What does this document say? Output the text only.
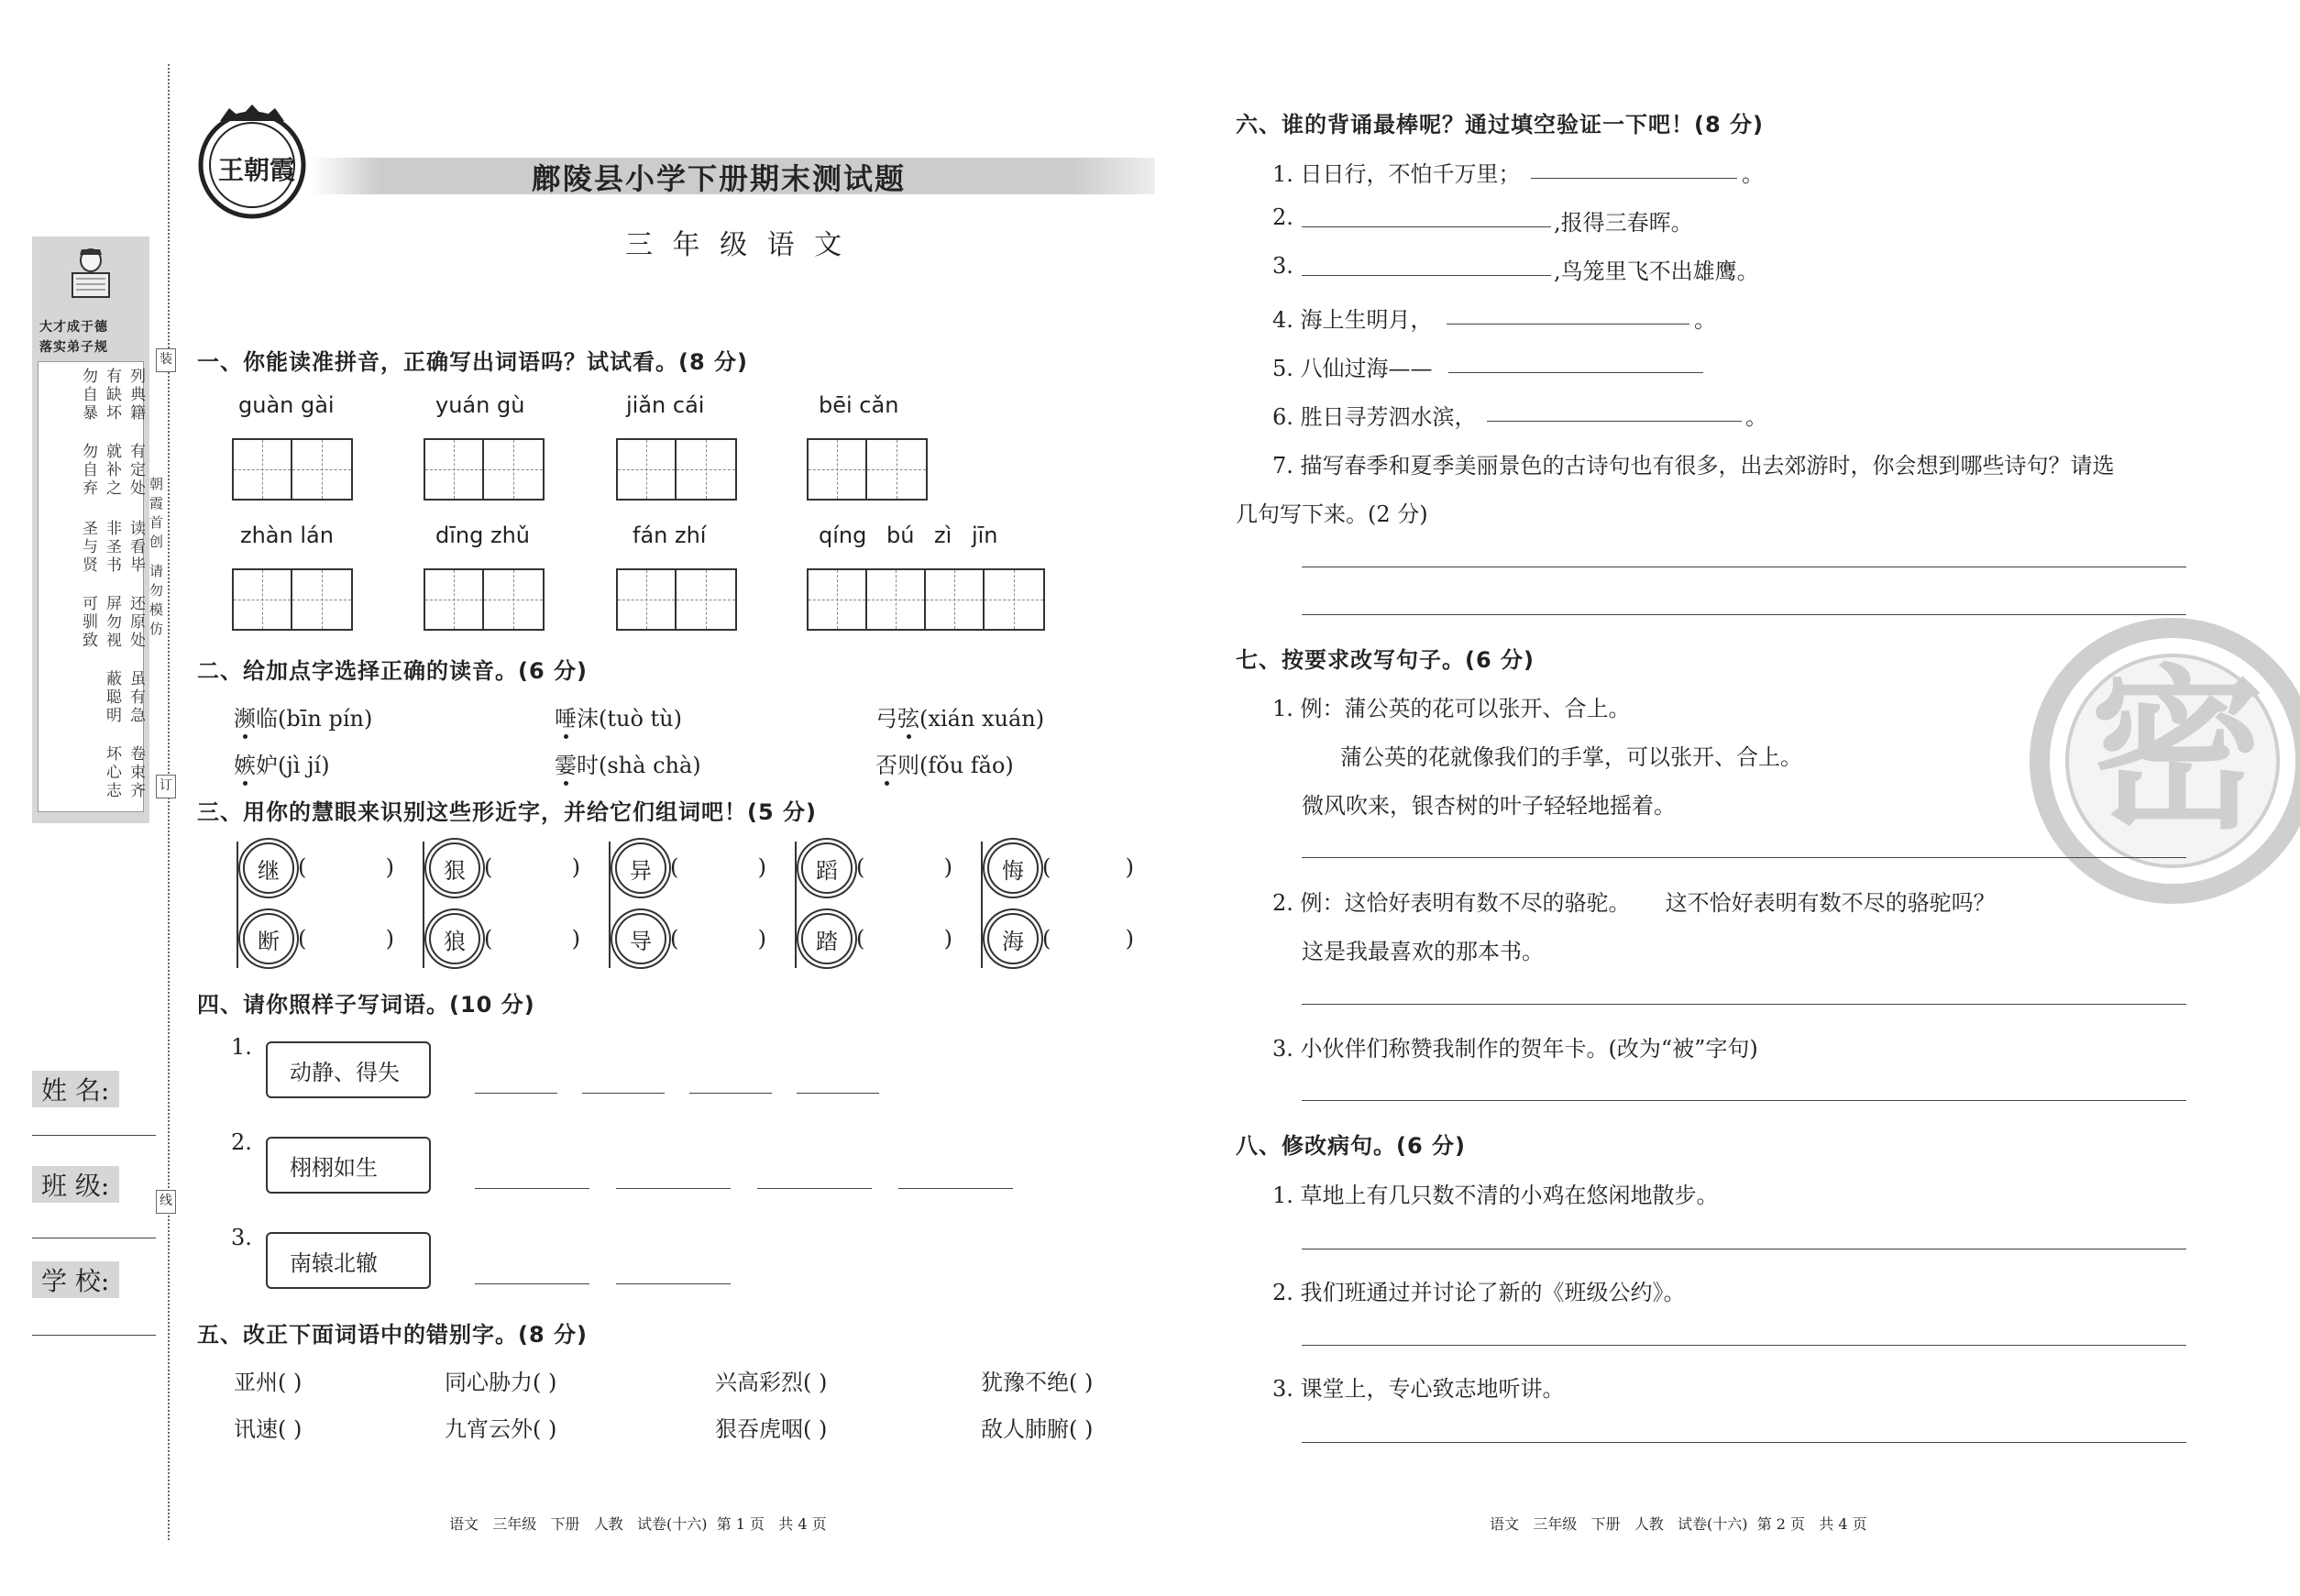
大才成于德
落实弟子规
列典籍
有缺坏
勿自暴
有定处
就补之
勿自弃
读看毕
非圣书
圣与贤
还原处
屏勿视
可驯致
虽有急
蔽聪明
卷束齐
坏心志
朝霞首创 请勿模仿
装
订
线
姓 名:
班 级:
学 校:
王朝霞	鄜陵县小学下册期末测试题
三 年 级 语 文
一、你能读准拼音，正确写出词语吗？试试看。(8 分)
guàn gài	yuán gù	jiǎn cái	bēi cǎn
zhàn lán	dīng zhǔ	fán zhí	qíng bú zì jīn
二、给加点字选择正确的读音。(6 分)
濒临(bīn pín)	唾沫(tuò tù)	弓弦(xián xuán)
嫉妒(jì jí)	霎时(shà chà)	否则(fǒu fǎo)
三、用你的慧眼来识别这些形近字，并给它们组词吧！(5 分)
继	狠	异	蹈	悔
断	狼	导	踏	海
(	)	(	)	(	)	(	)	(	)
(	)	(	)	(	)	(	)	(	)
四、请你照样子写词语。(10 分)
1.
动静、得失
2.
栩栩如生
3.
南辕北辙
五、改正下面词语中的错别字。(8 分)
亚州( )	同心胁力( )	兴高彩烈( )	犹豫不绝( )
讯速( )	九宵云外( )	狠吞虎咽( )	敌人肺腑( )
语文   三年级   下册   人教   试卷(十六)  第 1 页   共 4 页
密
六、谁的背诵最棒呢？通过填空验证一下吧！(8 分)
1. 日日行，不怕千万里；	。
2.	,报得三春晖。
3.	,鸟笼里飞不出雄鹰。
4. 海上生明月，	。
5. 八仙过海——
6. 胜日寻芳泗水滨，	。
7. 描写春季和夏季美丽景色的古诗句也有很多，出去郊游时，你会想到哪些诗句？请选
几句写下来。(2 分)
七、按要求改写句子。(6 分)
1. 例：蒲公英的花可以张开、合上。
蒲公英的花就像我们的手掌，可以张开、合上。
微风吹来，银杏树的叶子轻轻地摇着。
2. 例：这恰好表明有数不尽的骆驼。     这不恰好表明有数不尽的骆驼吗？
这是我最喜欢的那本书。
3. 小伙伴们称赞我制作的贺年卡。(改为“被”字句)
八、修改病句。(6 分)
1. 草地上有几只数不清的小鸡在悠闲地散步。
2. 我们班通过并讨论了新的《班级公约》。
3. 课堂上，专心致志地听讲。
语文   三年级   下册   人教   试卷(十六)  第 2 页   共 4 页
